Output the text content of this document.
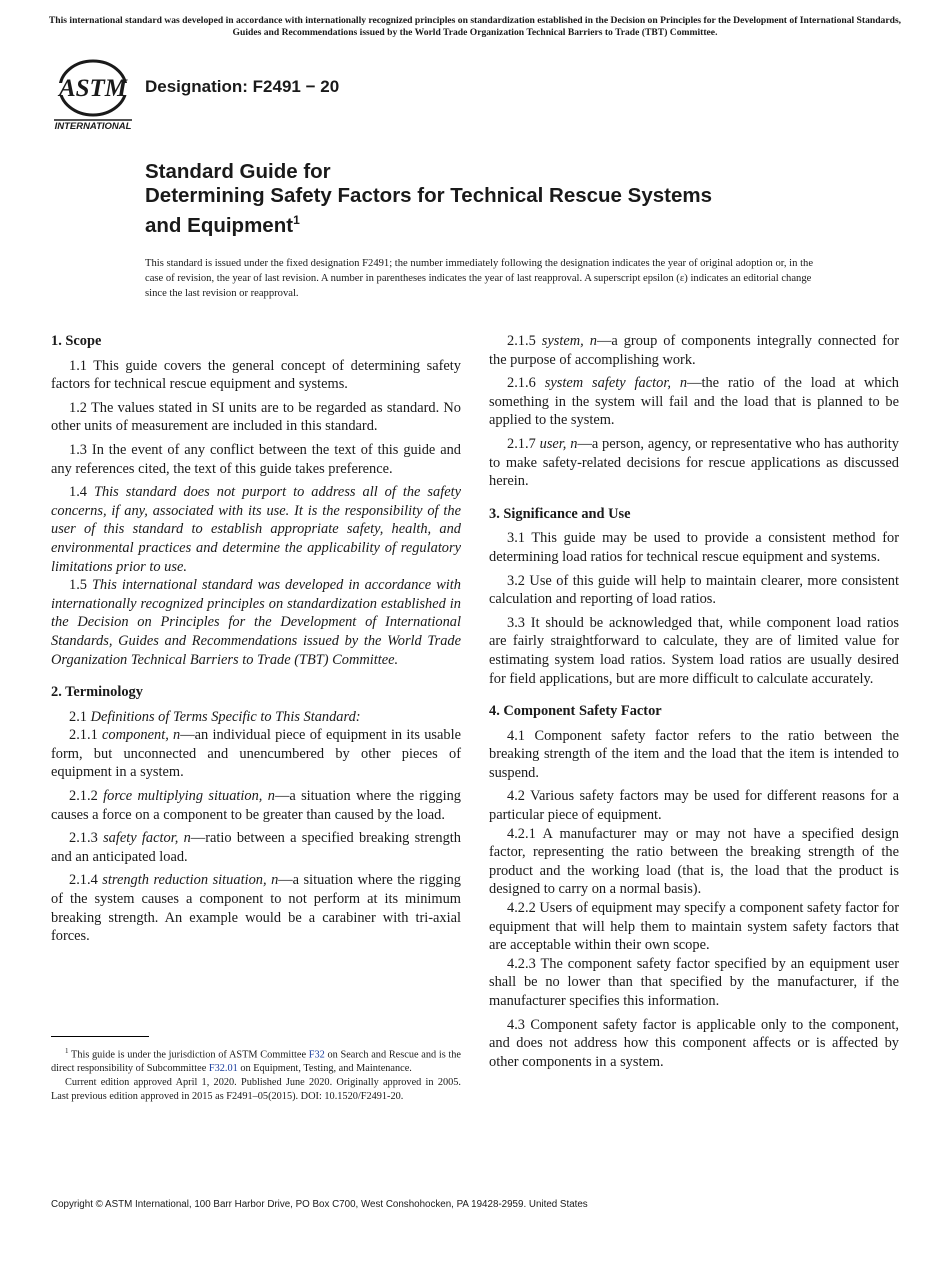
This international standard was developed in accordance with internationally recognized principles on standardization established in the Decision on Principles for the Development of International Standards, Guides and Recommendations issued by the World Trade Organization Technical Barriers to Trade (TBT) Committee.
ASTM
INTERNATIONAL
Designation: F2491 − 20
Standard Guide for
Determining Safety Factors for Technical Rescue Systems
and Equipment$^1$
This standard is issued under the fixed designation F2491; the number immediately following the designation indicates the year of original adoption or, in the case of revision, the year of last revision. A number in parentheses indicates the year of last reapproval. A superscript epsilon (ε) indicates an editorial change since the last revision or reapproval.
1. Scope

1.1 This guide covers the general concept of determining safety factors for technical rescue equipment and systems.

1.2 The values stated in SI units are to be regarded as standard. No other units of measurement are included in this standard.

1.3 In the event of any conflict between the text of this guide and any references cited, the text of this guide takes preference.

1.4 This standard does not purport to address all of the safety concerns, if any, associated with its use. It is the responsibility of the user of this standard to establish appropriate safety, health, and environmental practices and determine the applicability of regulatory limitations prior to use.

1.5 This international standard was developed in accordance with internationally recognized principles on standardization established in the Decision on Principles for the Development of International Standards, Guides and Recommendations issued by the World Trade Organization Technical Barriers to Trade (TBT) Committee.

2. Terminology

2.1 Definitions of Terms Specific to This Standard:

2.1.1 component, n—an individual piece of equipment in its usable form, but unconnected and unencumbered by other pieces of equipment in a system.

2.1.2 force multiplying situation, n—a situation where the rigging causes a force on a component to be greater than caused by the load.

2.1.3 safety factor, n—ratio between a specified breaking strength and an anticipated load.

2.1.4 strength reduction situation, n—a situation where the rigging of the system causes a component to not perform at its minimum breaking strength. An example would be a carabiner with tri-axial forces.

2.1.5 system, n—a group of components integrally connected for the purpose of accomplishing work.

2.1.6 system safety factor, n—the ratio of the load at which something in the system will fail and the load that is planned to be applied to the system.

2.1.7 user, n—a person, agency, or representative who has authority to make safety-related decisions for rescue applications as discussed herein.

3. Significance and Use

3.1 This guide may be used to provide a consistent method for determining load ratios for technical rescue equipment and systems.

3.2 Use of this guide will help to maintain clearer, more consistent calculation and reporting of load ratios.

3.3 It should be acknowledged that, while component load ratios are fairly straightforward to calculate, they are of limited value for estimating system load ratios. System load ratios are usually desired for field applications, but are more difficult to calculate accurately.

4. Component Safety Factor

4.1 Component safety factor refers to the ratio between the breaking strength of the item and the load that the item is intended to suspend.

4.2 Various safety factors may be used for different reasons for a particular piece of equipment.

4.2.1 A manufacturer may or may not have a specified design factor, representing the ratio between the breaking strength of the product and the working load (that is, the load that the product is designed to carry on a normal basis).

4.2.2 Users of equipment may specify a component safety factor for equipment that will help them to maintain system safety factors that are acceptable within their own scope.

4.2.3 The component safety factor specified by an equipment user shall be no lower than that specified by the manufacturer, if the manufacturer specifies this information.

4.3 Component safety factor is applicable only to the component, and does not address how this component affects or is affected by other components in a system.

$^1$ This guide is under the jurisdiction of ASTM Committee F32 on Search and Rescue and is the direct responsibility of Subcommittee F32.01 on Equipment, Testing, and Maintenance.

Current edition approved April 1, 2020. Published June 2020. Originally approved in 2005. Last previous edition approved in 2015 as F2491–05(2015). DOI: 10.1520/F2491-20.

Copyright © ASTM International, 100 Barr Harbor Drive, PO Box C700, West Conshohocken, PA 19428-2959. United States
